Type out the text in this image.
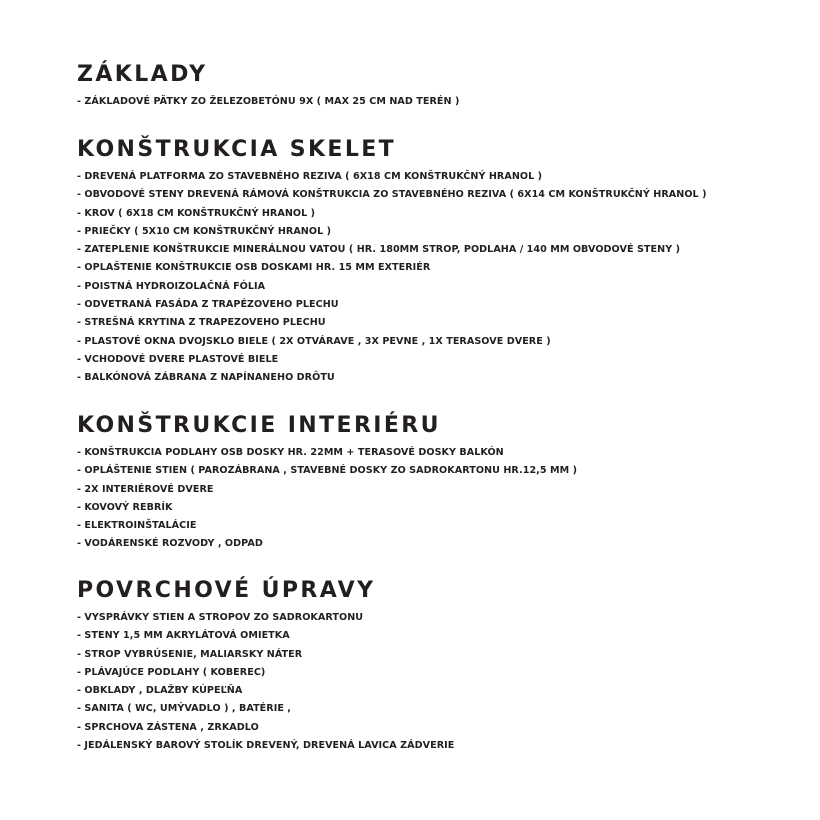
ZÁKLADY
- ZÁKLADOVÉ PÄTKY ZO ŽELEZOBETÓNU 9X ( MAX 25 CM NAD TERÉN )
KONŠTRUKCIA SKELET
- DREVENÁ PLATFORMA ZO STAVEBNÉHO REZIVA ( 6X18 CM KONŠTRUKČNÝ HRANOL )
- OBVODOVÉ STENY DREVENÁ RÁMOVÁ KONŠTRUKCIA ZO STAVEBNÉHO REZIVA ( 6X14 CM KONŠTRUKČNÝ HRANOL )
- KROV ( 6X18 CM KONŠTRUKČNÝ HRANOL )
- PRIEČKY ( 5X10 CM KONŠTRUKČNÝ HRANOL )
- ZATEPLENIE KONŠTRUKCIE MINERÁLNOU VATOU ( HR. 180MM STROP, PODLAHA / 140 MM OBVODOVÉ STENY )
- OPLAŠTENIE KONŠTRUKCIE OSB DOSKAMI HR. 15 MM EXTERIÉR
- POISTNÁ HYDROIZOLAČNÁ FÓLIA
- ODVETRANÁ FASÁDA Z TRAPÉZOVEHO PLECHU
- STREŠNÁ KRYTINA Z TRAPEZOVEHO PLECHU
- PLASTOVÉ OKNA DVOJSKLO BIELE ( 2X OTVÁRAVE , 3X PEVNE , 1X TERASOVE DVERE )
- VCHODOVÉ DVERE PLASTOVÉ BIELE
- BALKÓNOVÁ ZÁBRANA Z NAPÍNANEHO DRÔTU
KONŠTRUKCIE INTERIÉRU
- KONŠTRUKCIA PODLAHY OSB DOSKY HR. 22MM + TERASOVÉ DOSKY BALKÓN
- OPLÁŠTENIE STIEN ( PAROZÁBRANA , STAVEBNÉ DOSKY ZO SADROKARTONU HR.12,5 MM )
- 2X INTERIÉROVÉ DVERE
- KOVOVÝ REBRÍK
- ELEKTROINŠTALÁCIE
- VODÁRENSKÉ ROZVODY , ODPAD
POVRCHOVÉ ÚPRAVY
- VYSPRÁVKY STIEN A STROPOV ZO SADROKARTONU
- STENY 1,5 MM AKRYLÁTOVÁ OMIETKA
- STROP VYBRÚSENIE, MALIARSKY NÁTER
- PLÁVAJÚCE PODLAHY ( KOBEREC)
- OBKLADY , DLAŽBY KÚPEĽŇA
- SANITA ( WC, UMÝVADLO ) , BATÉRIE ,
- SPRCHOVA ZÁSTENA , ZRKADLO
- JEDÁLENSKÝ BAROVÝ STOLÍK DREVENÝ, DREVENÁ LAVICA ZÁDVERIE
